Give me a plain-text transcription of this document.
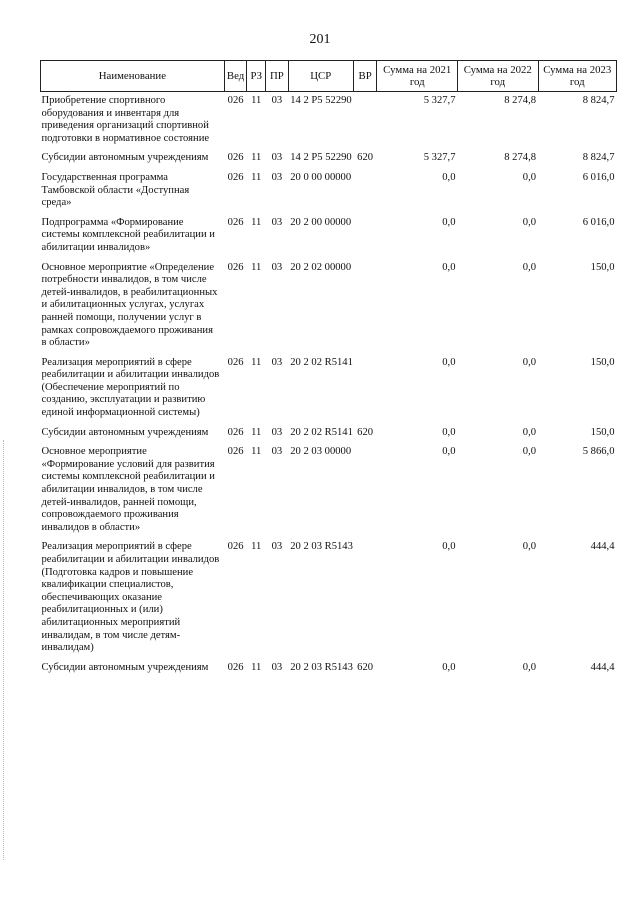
201
Наименование	Вед	РЗ	ПР	ЦСР	ВР	Сумма на 2021 год	Сумма на 2022 год	Сумма на 2023 год
Приобретение спортивного оборудования и инвентаря для приведения организаций спортивной подготовки в нормативное состояние	026	11	03	14 2 P5 52290		5 327,7	8 274,8	8 824,7
Субсидии автономным учреждениям	026	11	03	14 2 P5 52290	620	5 327,7	8 274,8	8 824,7
Государственная программа Тамбовской области «Доступная среда»	026	11	03	20 0 00 00000		0,0	0,0	6 016,0
Подпрограмма «Формирование системы комплексной реабилитации и абилитации инвалидов»	026	11	03	20 2 00 00000		0,0	0,0	6 016,0
Основное мероприятие «Определение потребности инвалидов, в том числе детей-инвалидов, в реабилитационных и абилитационных услугах, услугах ранней помощи, получении услуг в рамках сопровождаемого проживания в области»	026	11	03	20 2 02 00000		0,0	0,0	150,0
Реализация мероприятий в сфере реабилитации и абилитации инвалидов (Обеспечение мероприятий по созданию, эксплуатации и развитию единой информационной системы)	026	11	03	20 2 02 R5141		0,0	0,0	150,0
Субсидии автономным учреждениям	026	11	03	20 2 02 R5141	620	0,0	0,0	150,0
Основное мероприятие «Формирование условий для развития системы комплексной реабилитации и абилитации инвалидов, в том числе детей-инвалидов, ранней помощи, сопровождаемого проживания инвалидов в области»	026	11	03	20 2 03 00000		0,0	0,0	5 866,0
Реализация мероприятий в сфере реабилитации и абилитации инвалидов (Подготовка кадров и повышение квалификации специалистов, обеспечивающих оказание реабилитационных и (или) абилитационных мероприятий инвалидам, в том числе детям-инвалидам)	026	11	03	20 2 03 R5143		0,0	0,0	444,4
Субсидии автономным учреждениям	026	11	03	20 2 03 R5143	620	0,0	0,0	444,4
